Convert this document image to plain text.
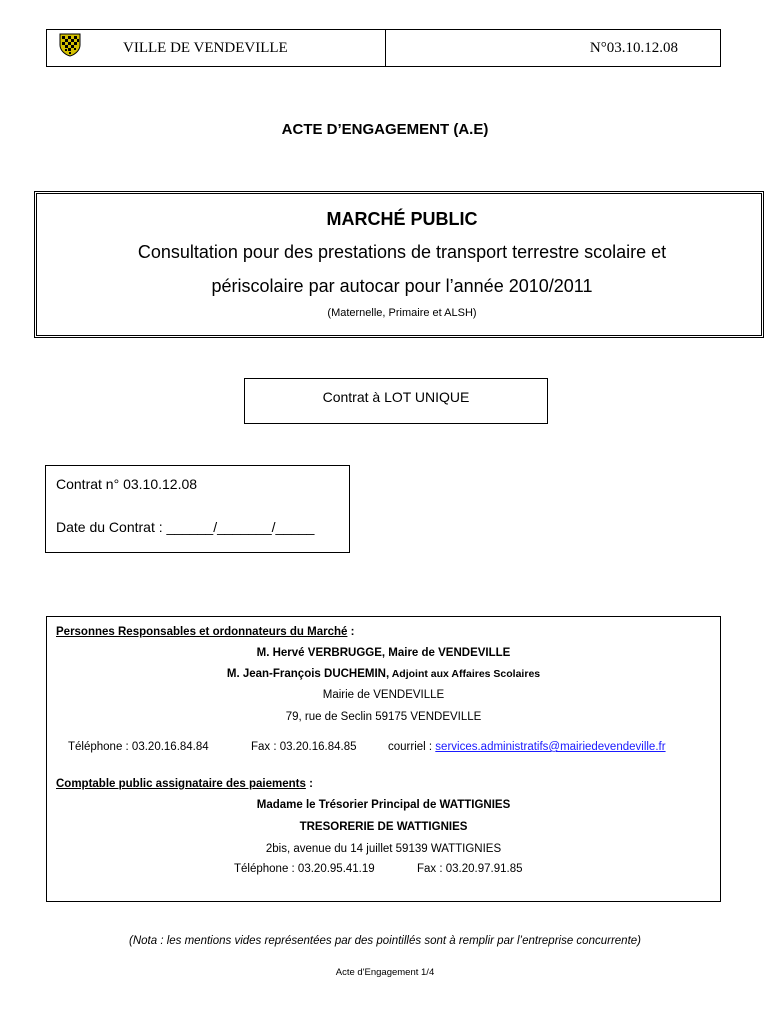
VILLE DE VENDEVILLE	N°03.10.12.08
ACTE D’ENGAGEMENT (A.E)
MARCHÉ PUBLIC
Consultation pour des prestations de transport terrestre scolaire et
périscolaire par autocar pour l’année 2010/2011
(Maternelle, Primaire et ALSH)
Contrat à LOT UNIQUE
Contrat n° 03.10.12.08
Date du Contrat : ______/_______/_____
Personnes Responsables et ordonnateurs du Marché :
M. Hervé VERBRUGGE, Maire de VENDEVILLE
M. Jean-François DUCHEMIN, Adjoint aux Affaires Scolaires
Mairie de VENDEVILLE
79, rue de Seclin 59175 VENDEVILLE
Téléphone : 03.20.16.84.84	Fax : 03.20.16.84.85	courriel : services.administratifs@mairiedevendeville.fr
Comptable public assignataire des paiements :
Madame le Trésorier Principal de WATTIGNIES
TRESORERIE DE WATTIGNIES
2bis, avenue du 14 juillet 59139 WATTIGNIES
Téléphone : 03.20.95.41.19	Fax : 03.20.97.91.85
(Nota : les mentions vides représentées par des pointillés sont à remplir par l’entreprise concurrente)
Acte d'Engagement 1/4
